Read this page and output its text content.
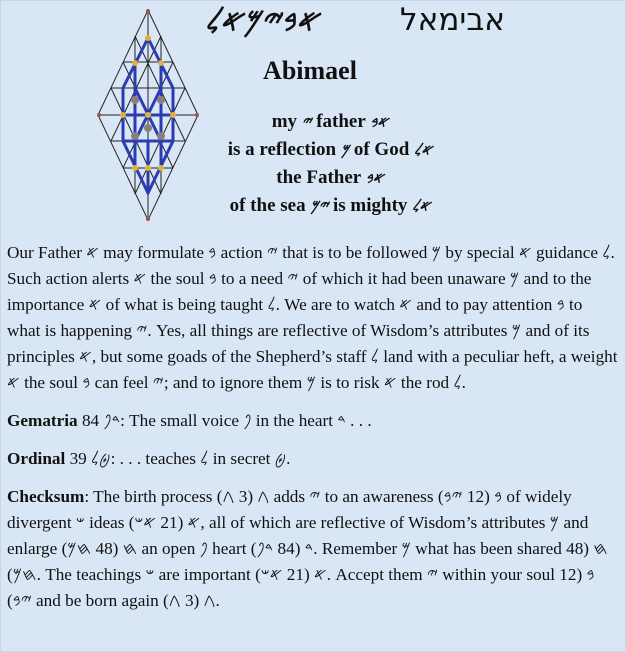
𐤀𐤁𐤉𐤌𐤀𐤋	אבימאל
Abimael
my 𐤉 father 𐤀𐤁
is a reflection 𐤌 of God 𐤀𐤋
the Father 𐤀𐤁
of the sea 𐤉𐤌 is mighty 𐤀𐤋

Our Father 𐤀 may formulate 𐤁 action 𐤉 that is to be followed 𐤌 by special 𐤀 guidance 𐤋. Such action alerts 𐤀 the soul 𐤁 to a need 𐤉 of which it had been unaware 𐤌 and to the importance 𐤀 of what is being taught 𐤋. We are to watch 𐤀 and to pay attention 𐤁 to what is happening 𐤉. Yes, all things are reflective of Wisdom’s attributes 𐤌 and of its principles 𐤀, but some goads of the Shepherd’s staff 𐤋 land with a peculiar heft, a weight 𐤀 the soul 𐤁 can feel 𐤉; and to ignore them 𐤌 is to risk 𐤀 the rod 𐤋.

Gematria 84 𐤃𐤐: The small voice 𐤐 in the heart 𐤃 . . .

Ordinal 39 𐤈𐤋: . . . teaches 𐤋 in secret 𐤈.

Checksum: The birth process 𐤂 (3 𐤂) adds 𐤉 to an awareness 𐤁 (12 𐤉𐤁) of widely divergent 𐤔 ideas 𐤀 (21 𐤀𐤔), all of which are reflective of Wisdom’s attributes 𐤌 and enlarge 𐤇 (48 𐤇𐤌) an open 𐤐 heart 𐤃 (84 𐤃𐤐). Remember 𐤌 what has been shared 𐤇 (48 𐤇𐤌). The teachings 𐤔 are important 𐤀 (21 𐤀𐤔). Accept them 𐤉 within your soul 𐤁 (12 𐤉𐤁) and be born again 𐤂 (3 𐤂).
